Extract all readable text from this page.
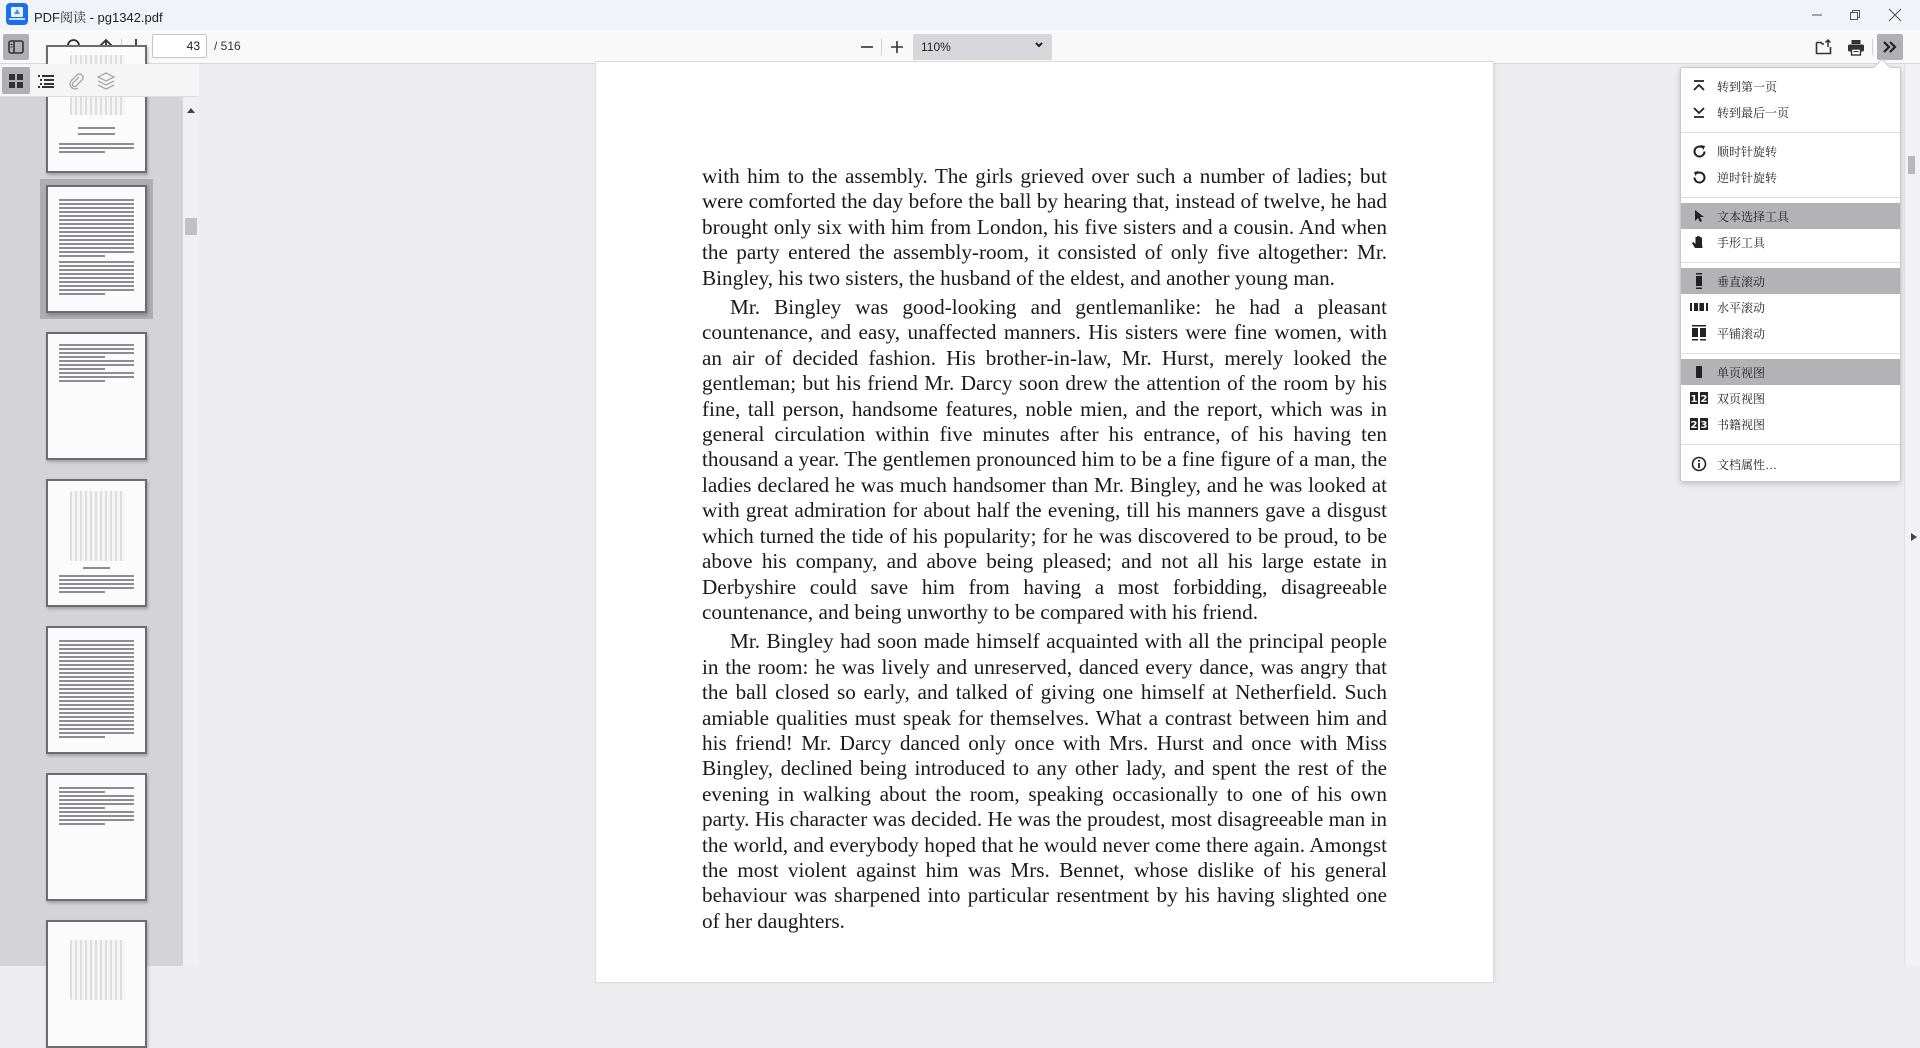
PDF阅读 - pg1342.pdf
43
/ 516	110%

with him to the assembly. The girls grieved over such a number of ladies; but were comforted the day before the ball by hearing that, instead of twelve, he had brought only six with him from London, his five sisters and a cousin. And when the party entered the assembly-room, it consisted of only five altogether: Mr. Bingley, his two sisters, the husband of the eldest, and another young man.

Mr. Bingley was good-looking and gentlemanlike: he had a pleasant countenance, and easy, unaffected manners. His sisters were fine women, with an air of decided fashion. His brother-in-law, Mr. Hurst, merely looked the gentleman; but his friend Mr. Darcy soon drew the attention of the room by his fine, tall person, handsome features, noble mien, and the report, which was in general circulation within five minutes after his entrance, of his having ten thousand a year. The gentlemen pronounced him to be a fine figure of a man, the ladies declared he was much handsomer than Mr. Bingley, and he was looked at with great admiration for about half the evening, till his manners gave a disgust which turned the tide of his popularity; for he was discovered to be proud, to be above his company, and above being pleased; and not all his large estate in Derbyshire could save him from having a most forbidding, disagreeable countenance, and being unworthy to be compared with his friend.

Mr. Bingley had soon made himself acquainted with all the principal people in the room: he was lively and unreserved, danced every dance, was angry that the ball closed so early, and talked of giving one himself at Netherfield. Such amiable qualities must speak for themselves. What a contrast between him and his friend! Mr. Darcy danced only once with Mrs. Hurst and once with Miss Bingley, declined being introduced to any other lady, and spent the rest of the evening in walking about the room, speaking occasionally to one of his own party. His character was decided. He was the proudest, most disagreeable man in the world, and everybody hoped that he would never come there again. Amongst the most violent against him was Mrs. Bennet, whose dislike of his general behaviour was sharpened into particular resentment by his having slighted one of her daughters.

转到第一页
转到最后一页
顺时针旋转
逆时针旋转
文本选择工具
手形工具
垂直滚动
水平滚动
平铺滚动
单页视图
1 2 双页视图
2 3 书籍视图
文档属性…
